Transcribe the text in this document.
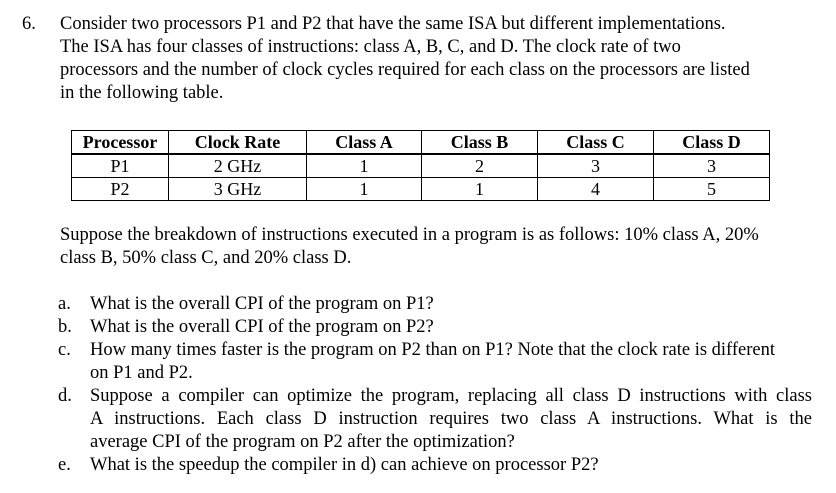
6. Consider two processors P1 and P2 that have the same ISA but different implementations.
The ISA has four classes of instructions: class A, B, C, and D. The clock rate of two
processors and the number of clock cycles required for each class on the processors are listed
in the following table.
Processor	Clock Rate	Class A	Class B	Class C	Class D
P1	2 GHz	1	2	3	3
P2	3 GHz	1	1	4	5
Suppose the breakdown of instructions executed in a program is as follows: 10% class A, 20%
class B, 50% class C, and 20% class D.
a. What is the overall CPI of the program on P1?
b. What is the overall CPI of the program on P2?
c. How many times faster is the program on P2 than on P1? Note that the clock rate is different
on P1 and P2.
d. Suppose a compiler can optimize the program, replacing all class D instructions with class
A instructions. Each class D instruction requires two class A instructions. What is the
average CPI of the program on P2 after the optimization?
e. What is the speedup the compiler in d) can achieve on processor P2?
